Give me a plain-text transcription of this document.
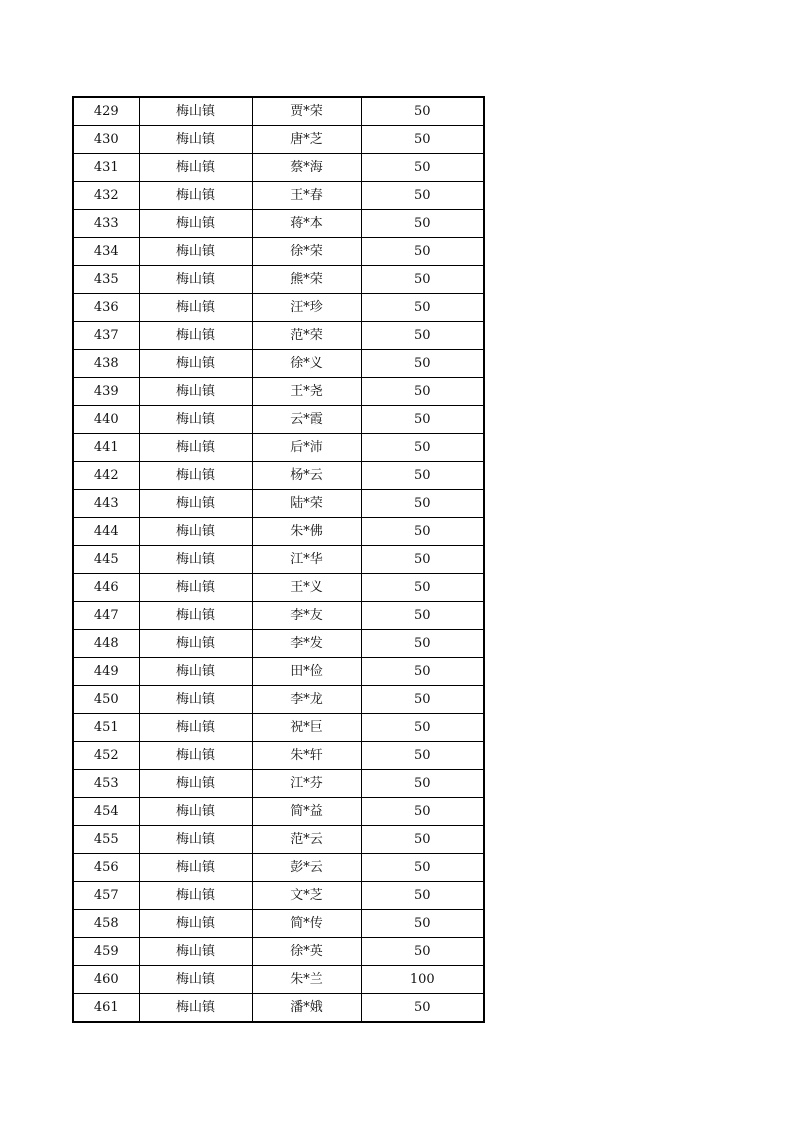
429	梅山镇	贾*荣	50
430	梅山镇	唐*芝	50
431	梅山镇	蔡*海	50
432	梅山镇	王*春	50
433	梅山镇	蒋*本	50
434	梅山镇	徐*荣	50
435	梅山镇	熊*荣	50
436	梅山镇	汪*珍	50
437	梅山镇	范*荣	50
438	梅山镇	徐*义	50
439	梅山镇	王*尧	50
440	梅山镇	云*霞	50
441	梅山镇	后*沛	50
442	梅山镇	杨*云	50
443	梅山镇	陆*荣	50
444	梅山镇	朱*佛	50
445	梅山镇	江*华	50
446	梅山镇	王*义	50
447	梅山镇	李*友	50
448	梅山镇	李*发	50
449	梅山镇	田*俭	50
450	梅山镇	李*龙	50
451	梅山镇	祝*巨	50
452	梅山镇	朱*轩	50
453	梅山镇	江*芬	50
454	梅山镇	简*益	50
455	梅山镇	范*云	50
456	梅山镇	彭*云	50
457	梅山镇	文*芝	50
458	梅山镇	简*传	50
459	梅山镇	徐*英	50
460	梅山镇	朱*兰	100
461	梅山镇	潘*娥	50
